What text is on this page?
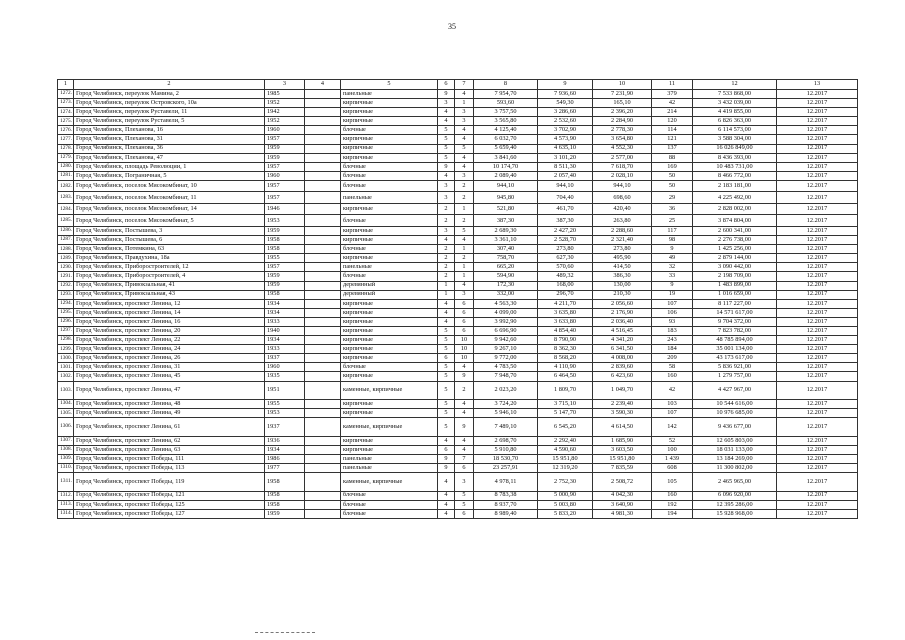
35
1	2	3	4	5	6	7	8	9	10	11	12	13
1272.	Город Челябинск, переулок Мамина, 2	1985		панельные	9	4	7 954,70	7 936,60	7 231,90	379	7 533 868,00	12.2017
1273.	Город Челябинск, переулок Островского, 10а	1952		кирпичные	3	1	593,60	549,30	165,10	42	3 432 039,00	12.2017
1274.	Город Челябинск, переулок Руставели, 11	1942		кирпичные	4	3	3 757,50	3 286,60	2 396,20	214	4 419 855,00	12.2017
1275.	Город Челябинск, переулок Руставели, 5	1952		кирпичные	4	3	3 565,80	2 532,60	2 284,90	120	6 826 363,00	12.2017
1276.	Город Челябинск, Плеханова, 16	1960		блочные	5	4	4 125,40	3 702,90	2 778,30	114	6 114 573,00	12.2017
1277.	Город Челябинск, Плеханова, 31	1957		кирпичные	5	4	6 032,70	4 573,90	3 654,80	121	3 588 304,00	12.2017
1278.	Город Челябинск, Плеханова, 36	1959		кирпичные	5	5	5 659,40	4 635,10	4 552,30	137	16 026 849,00	12.2017
1279.	Город Челябинск, Плеханова, 47	1959		кирпичные	5	4	3 841,60	3 101,20	2 577,00	88	8 436 393,00	12.2017
1280.	Город Челябинск, площадь Революции, 1	1957		блочные	9	4	10 174,70	8 511,30	7 618,70	169	10 483 731,00	12.2017
1281.	Город Челябинск, Пограничная, 5	1960		блочные	4	3	2 089,40	2 057,40	2 028,10	50	8 466 772,00	12.2017
1282.	Город Челябинск, поселок Мясокомбинат, 10	1957		блочные	3	2	944,10	944,10	944,10	50	2 183 181,00	12.2017
1283.	Город Челябинск, поселок Мясокомбинат, 11	1957		панельные	3	2	945,80	704,40	698,60	29	4 225 492,00	12.2017
1284.	Город Челябинск, поселок Мясокомбинат, 14	1946		кирпичные	2	1	521,80	461,70	420,40	36	2 828 002,00	12.2017
1285.	Город Челябинск, поселок Мясокомбинат, 5	1953		блочные	2	2	387,30	387,30	263,80	25	3 874 804,00	12.2017
1286.	Город Челябинск, Постышева, 3	1959		кирпичные	3	5	2 689,30	2 427,20	2 288,60	117	2 600 341,00	12.2017
1287.	Город Челябинск, Постышева, 6	1958		кирпичные	4	4	3 361,10	2 528,70	2 321,40	98	2 276 738,00	12.2017
1288.	Город Челябинск, Потемкина, 63	1958		блочные	2	1	307,40	273,80	273,80	9	1 425 256,00	12.2017
1289.	Город Челябинск, Правдухина, 18а	1955		кирпичные	2	2	758,70	627,30	495,90	49	2 879 144,00	12.2017
1290.	Город Челябинск, Приборостроителей, 12	1957		панельные	2	1	665,20	570,60	414,50	32	3 090 442,00	12.2017
1291.	Город Челябинск, Приборостроителей, 4	1959		блочные	2	1	594,90	489,32	386,30	33	2 198 709,00	12.2017
1292.	Город Челябинск, Привокзальная, 41	1959		деревянный	1	4	172,30	168,00	130,00	9	1 483 899,00	12.2017
1293.	Город Челябинск, Привокзальная, 43	1958		деревянный	1	3	332,00	296,70	210,30	19	1 016 659,00	12.2017
1294.	Город Челябинск, проспект Ленина, 12	1934		кирпичные	4	6	4 563,30	4 211,70	2 056,60	107	8 117 227,00	12.2017
1295.	Город Челябинск, проспект Ленина, 14	1934		кирпичные	4	6	4 099,00	3 635,80	2 176,90	106	14 571 617,00	12.2017
1296.	Город Челябинск, проспект Ленина, 16	1933		кирпичные	4	6	3 992,90	3 633,80	2 036,40	93	9 704 372,00	12.2017
1297.	Город Челябинск, проспект Ленина, 20	1940		кирпичные	5	6	6 696,90	4 854,40	4 516,45	183	7 823 782,00	12.2017
1298.	Город Челябинск, проспект Ленина, 22	1934		кирпичные	5	10	9 942,60	8 790,90	4 341,20	243	48 785 894,00	12.2017
1299.	Город Челябинск, проспект Ленина, 24	1933		кирпичные	5	10	9 267,10	8 362,30	6 341,50	184	35 001 134,00	12.2017
1300.	Город Челябинск, проспект Ленина, 26	1937		кирпичные	6	10	9 772,00	8 568,20	4 008,00	209	43 173 617,00	12.2017
1301.	Город Челябинск, проспект Ленина, 31	1960		блочные	5	4	4 783,50	4 110,90	2 839,60	58	5 836 921,00	12.2017
1302.	Город Челябинск, проспект Ленина, 45	1935		кирпичные	5	9	7 948,70	6 464,50	6 423,60	160	1 279 757,00	12.2017
1303.	Город Челябинск, проспект Ленина, 47	1951		каменные, кирпичные	5	2	2 023,20	1 809,70	1 049,70	42	4 427 967,00	12.2017
1304.	Город Челябинск, проспект Ленина, 48	1955		кирпичные	5	4	3 724,20	3 715,10	2 239,40	103	10 544 616,00	12.2017
1305.	Город Челябинск, проспект Ленина, 49	1953		кирпичные	5	4	5 946,10	5 147,70	3 590,30	107	10 976 685,00	12.2017
1306.	Город Челябинск, проспект Ленина, 61	1937		каменные, кирпичные	5	9	7 489,10	6 545,20	4 614,50	142	9 436 677,00	12.2017
1307.	Город Челябинск, проспект Ленина, 62	1936		кирпичные	4	4	2 698,70	2 292,40	1 685,90	52	12 605 803,00	12.2017
1308.	Город Челябинск, проспект Ленина, 63	1934		кирпичные	6	4	5 910,80	4 590,60	3 603,50	100	18 031 133,00	12.2017
1309.	Город Челябинск, проспект Победы, 111	1986		панельные	9	7	18 530,70	15 951,80	15 951,80	1 439	13 184 269,00	12.2017
1310.	Город Челябинск, проспект Победы, 113	1977		панельные	9	6	23 257,91	12 319,20	7 835,59	608	11 300 802,00	12.2017
1311.	Город Челябинск, проспект Победы, 119	1958		каменные, кирпичные	4	3	4 978,11	2 752,30	2 508,72	105	2 465 965,00	12.2017
1312.	Город Челябинск, проспект Победы, 121	1958		блочные	4	5	8 783,38	5 000,90	4 042,30	160	6 096 920,00	12.2017
1313.	Город Челябинск, проспект Победы, 125	1958		блочные	4	5	8 937,70	5 003,80	3 640,90	192	12 395 286,00	12.2017
1314.	Город Челябинск, проспект Победы, 127	1959		блочные	4	6	8 989,40	5 833,20	4 981,30	194	15 928 968,00	12.2017
